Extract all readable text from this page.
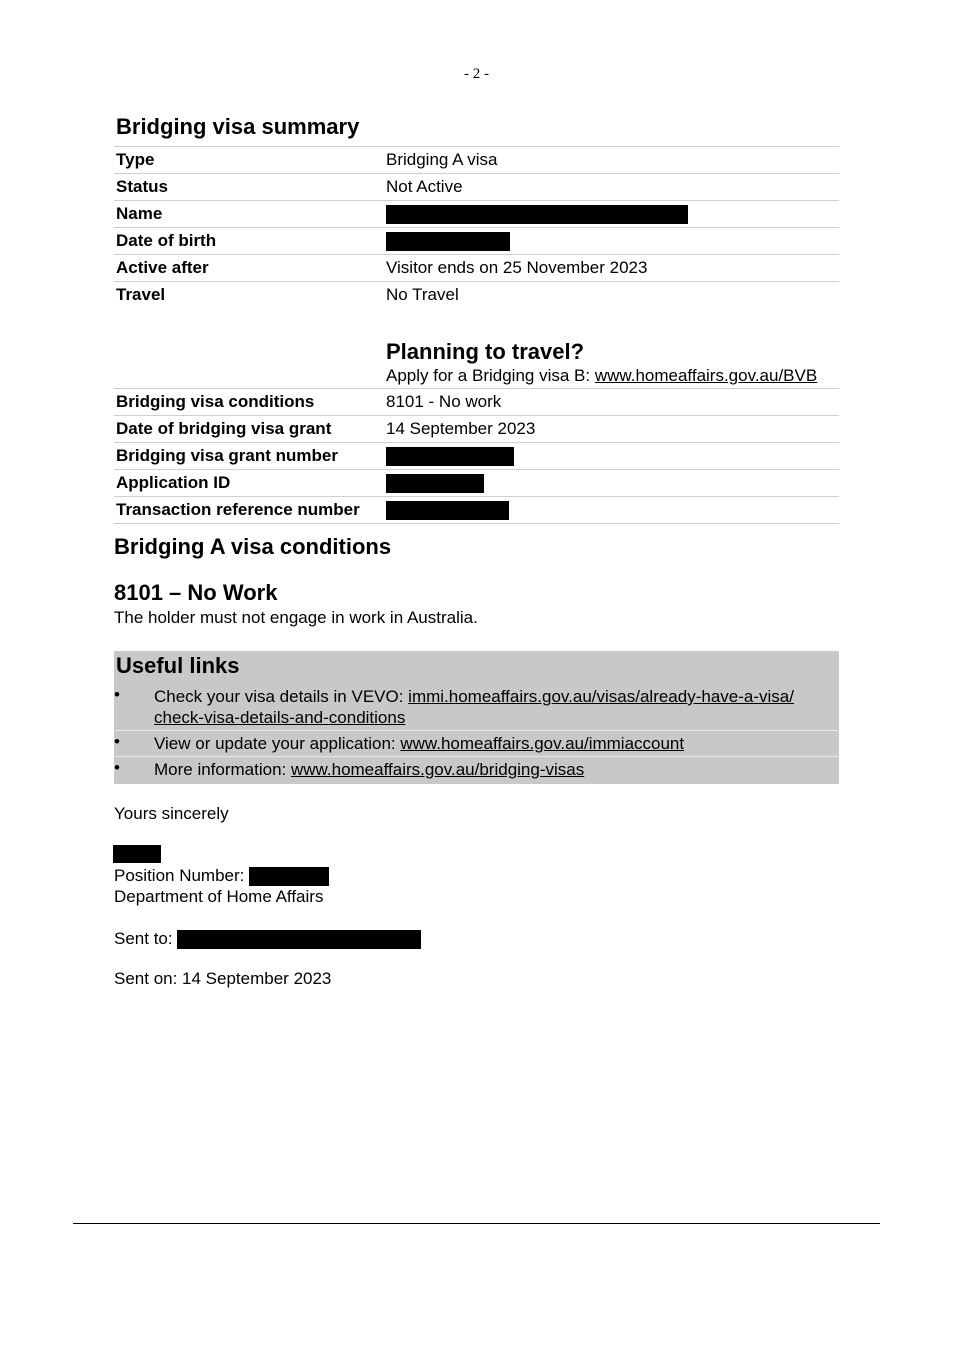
- 2 -
Bridging visa summary
Type	Bridging A visa
Status	Not Active
Name	
Date of birth	
Active after	Visitor ends on 25 November 2023
Travel	No Travel

	Planning to travel?
Apply for a Bridging visa B: www.homeaffairs.gov.au/BVB

Bridging visa conditions	8101 - No work
Date of bridging visa grant	14 September 2023
Bridging visa grant number	
Application ID	
Transaction reference number	
Bridging A visa conditions
8101 – No Work
The holder must not engage in work in Australia.
Useful links
• Check your visa details in VEVO: immi.homeaffairs.gov.au/visas/already-have-a-visa/
check-visa-details-and-conditions
• View or update your application: www.homeaffairs.gov.au/immiaccount
• More information: www.homeaffairs.gov.au/bridging-visas
Yours sincerely
Position Number:
Department of Home Affairs
Sent to:
Sent on: 14 September 2023
